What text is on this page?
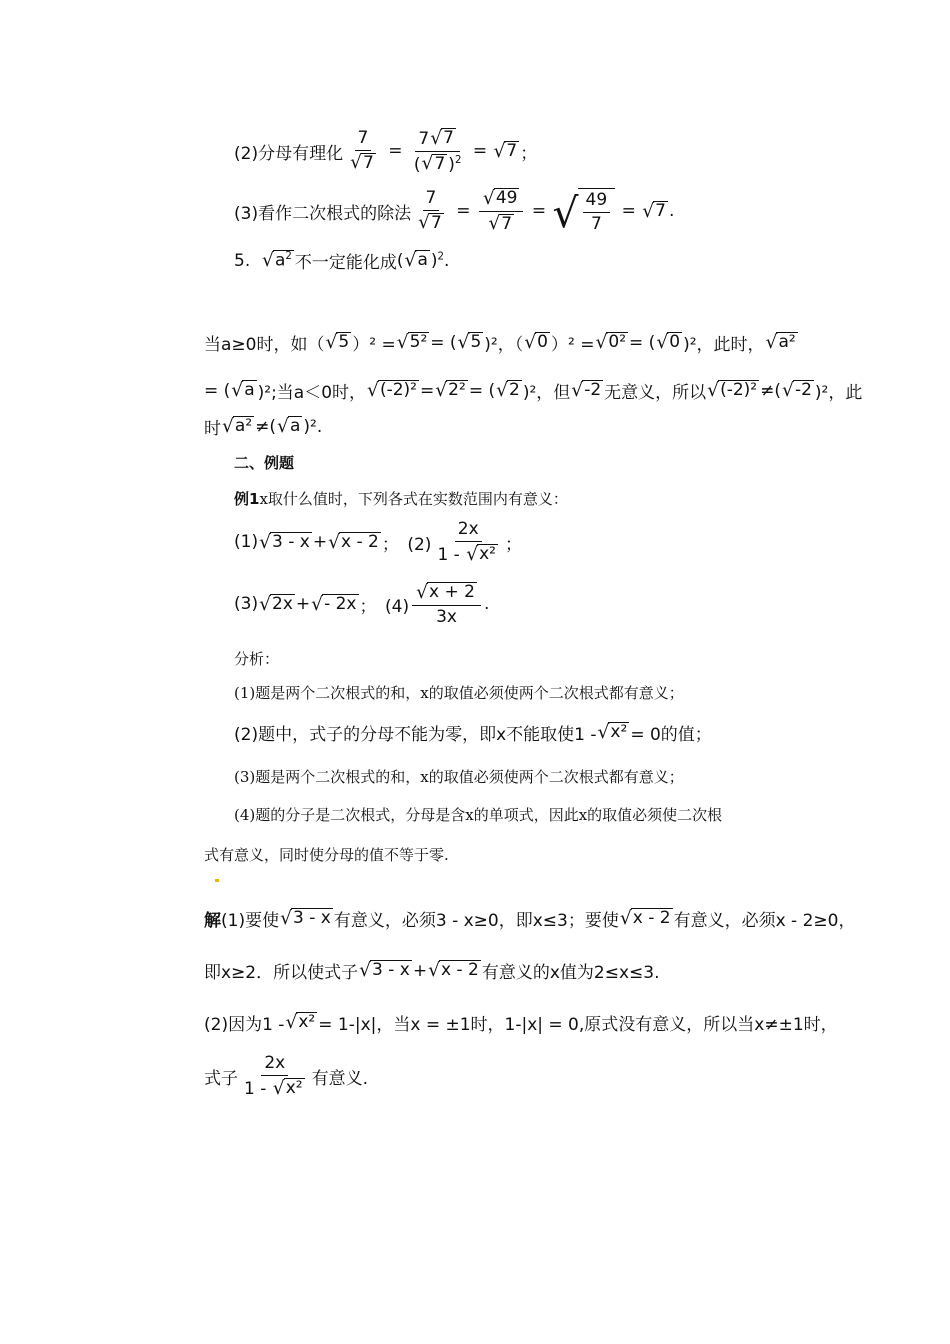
(2)分母有理化 $\frac{7}{√ 7} = \frac{7 √ 7}{( √ 7 )^2}$ = √ 7 ；
(3)看作二次根式的除法 $\frac{7}{√ 7} = \frac{√ 49}{√ 7}$ = √ $\frac{49}{7}$ = √ 7 .
5.
√ $a^2$ 不一定能化成 ( √ a )$^2$ .
当a≥0时，如（ √ 5 ）² = √ 5² = ( √ 5 )²，（ √ 0 ）² = √ 0² = ( √ 0 )²，此时， √ a²
= ( √ a )²;当a＜0时， √ (-2)² = √ 2² = ( √ 2 )²，但 √ -2 无意义，所以 √ (-2)² ≠( √ -2 )²，此
时 √ a² ≠( √ a )².
二、例题
例1 x取什么值时，下列各式在实数范围内有意义：
(1) √ 3 - x + √ x - 2 ；　$(2) \frac{2x}{\text{1 - √ x²}}$ ；
(3) √ 2x + √ - 2x ；　$(4) \frac{√ x + 2}{3x}$ .
分析：
(1)题是两个二次根式的和，x的取值必须使两个二次根式都有意义；
(2)题中，式子的分母不能为零，即x不能取使1 - √ x² = 0的值；
(3)题是两个二次根式的和，x的取值必须使两个二次根式都有意义；
(4)题的分子是二次根式，分母是含x的单项式，因此x的取值必须使二次根
式有意义，同时使分母的值不等于零.
解 (1)要使 √ 3 - x 有意义，必须3 - x≥0，即x≤3；要使 √ x - 2 有意义，必须x - 2≥0，
即x≥2．所以使式子 √ 3 - x + √ x - 2 有意义的x值为2≤x≤3.
(2)因为1 - √ x² = 1-|x|，当x = ±1时，1-|x| = 0,原式没有意义，所以当x≠±1时，
式子 $\frac{2x}{\text{1 - √ x²}}$ 有意义.
